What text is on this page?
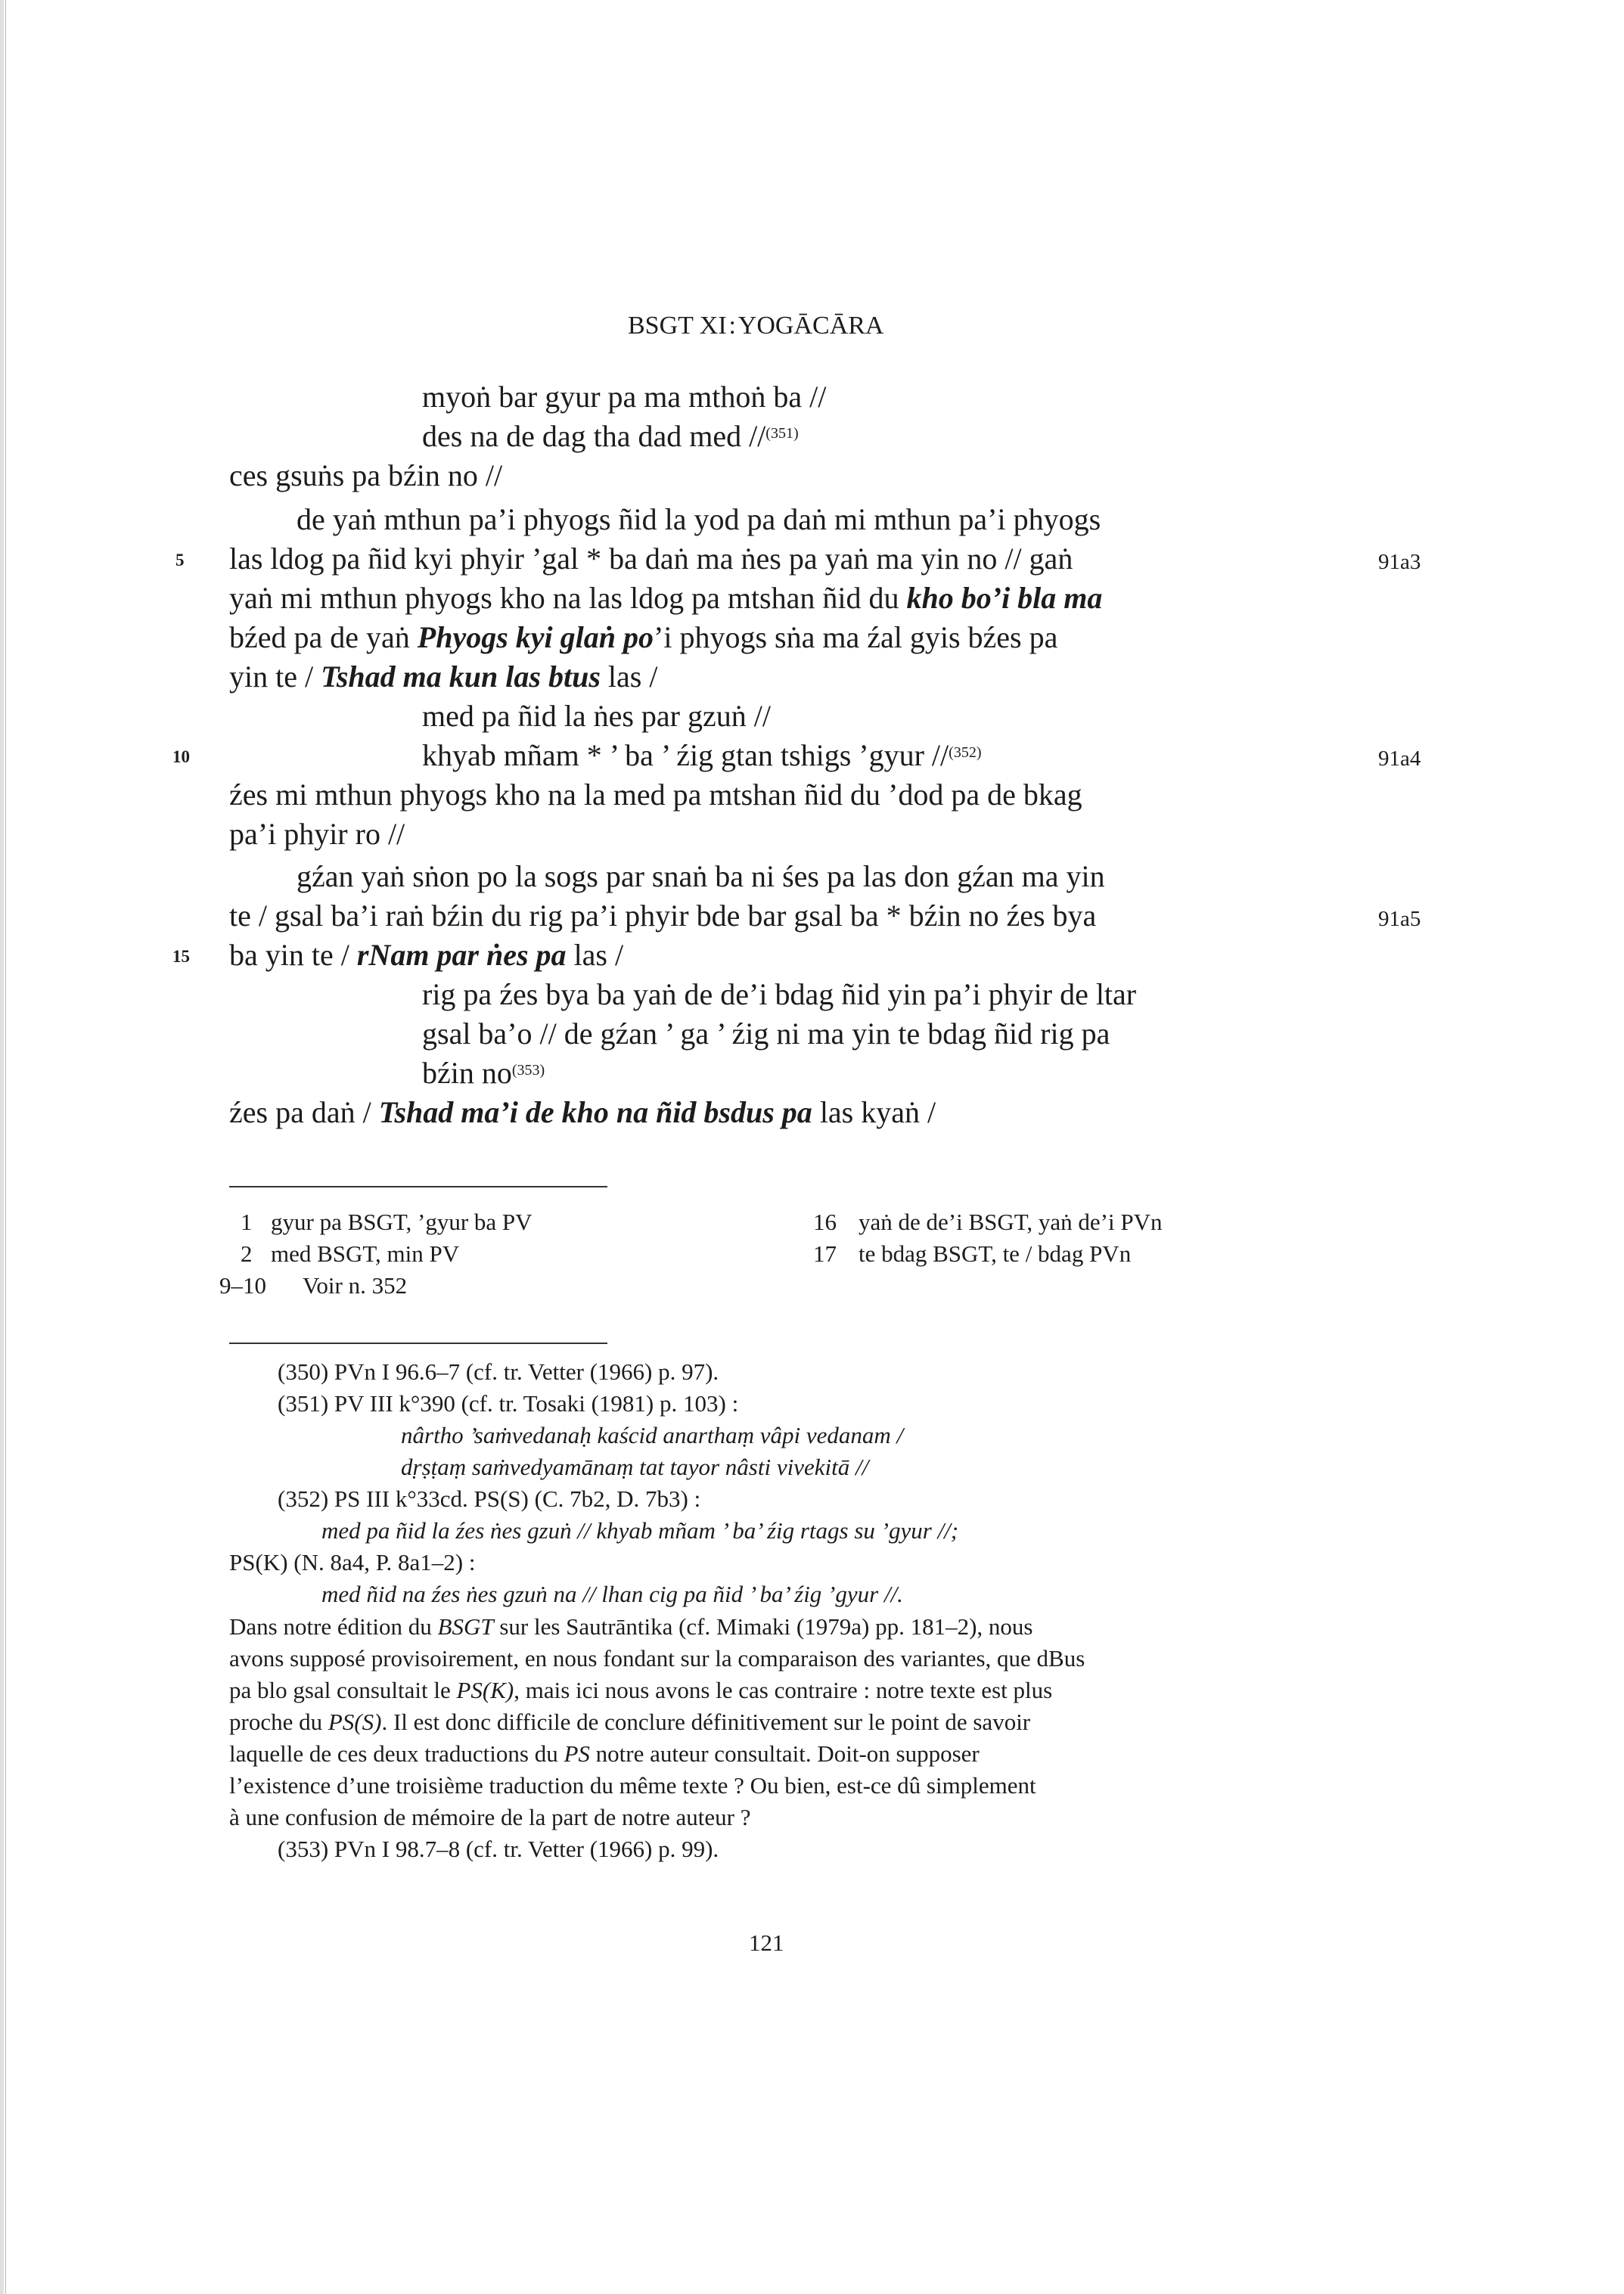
BSGT XI : YOGĀCĀRA
myoṅ bar gyur pa ma mthoṅ ba //
des na de dag tha dad med //$^{(351)}$
ces gsuṅs pa bźin no //
de yaṅ mthun pa’i phyogs ñid la yod pa daṅ mi mthun pa’i phyogs
las ldog pa ñid kyi phyir ’gal * ba daṅ ma ṅes pa yaṅ ma yin no // gaṅ
yaṅ mi mthun phyogs kho na las ldog pa mtshan ñid du kho bo’i bla ma
bźed pa de yaṅ Phyogs kyi glaṅ po’i phyogs sṅa ma źal gyis bźes pa
yin te / Tshad ma kun las btus las /
med pa ñid la ṅes par gzuṅ //
khyab mñam * ’ ba ’ źig gtan tshigs ’gyur //$^{(352)}$
źes mi mthun phyogs kho na la med pa mtshan ñid du ’dod pa de bkag
pa’i phyir ro //
gźan yaṅ sṅon po la sogs par snaṅ ba ni śes pa las don gźan ma yin
te / gsal ba’i raṅ bźin du rig pa’i phyir bde bar gsal ba * bźin no źes bya
ba yin te / rNam par ṅes pa las /
rig pa źes bya ba yaṅ de de’i bdag ñid yin pa’i phyir de ltar
gsal ba’o // de gźan ’ ga ’ źig ni ma yin te bdag ñid rig pa
bźin $no^{(353)}$
źes pa daṅ / Tshad ma’i de kho na ñid bsdus pa las kyaṅ /
5
10
15
91a3
91a4
91a5
1 gyur pa BSGT, ’gyur ba PV
2 med BSGT, min PV
9–10 Voir n. 352
16 yaṅ de de’i BSGT, yaṅ de’i PVn
17 te bdag BSGT, te / bdag PVn
(350) PVn I 96.6–7 (cf. tr. Vetter (1966) p. 97).
(351) PV III k°390 (cf. tr. Tosaki (1981) p. 103) :
nârtho ’saṁvedanaḥ kaścid anarthaṃ vâpi vedanam /
dṛṣṭaṃ saṁvedyamānaṃ tat tayor nâsti vivekitā //
(352) PS III k°33cd. PS(S) (C. 7b2, D. 7b3) :
med pa ñid la źes ṅes gzuṅ // khyab mñam ’ ba’ źig rtags su ’gyur //;
PS(K) (N. 8a4, P. 8a1–2) :
med ñid na źes ṅes gzuṅ na // lhan cig pa ñid ’ ba’ źig ’gyur //.
Dans notre édition du BSGT sur les Sautrāntika (cf. Mimaki (1979a) pp. 181–2), nous
avons supposé provisoirement, en nous fondant sur la comparaison des variantes, que dBus
pa blo gsal consultait le PS(K), mais ici nous avons le cas contraire : notre texte est plus
proche du PS(S). Il est donc difficile de conclure définitivement sur le point de savoir
laquelle de ces deux traductions du PS notre auteur consultait. Doit-on supposer
l’existence d’une troisième traduction du même texte ? Ou bien, est-ce dû simplement
à une confusion de mémoire de la part de notre auteur ?
(353) PVn I 98.7–8 (cf. tr. Vetter (1966) p. 99).
121
